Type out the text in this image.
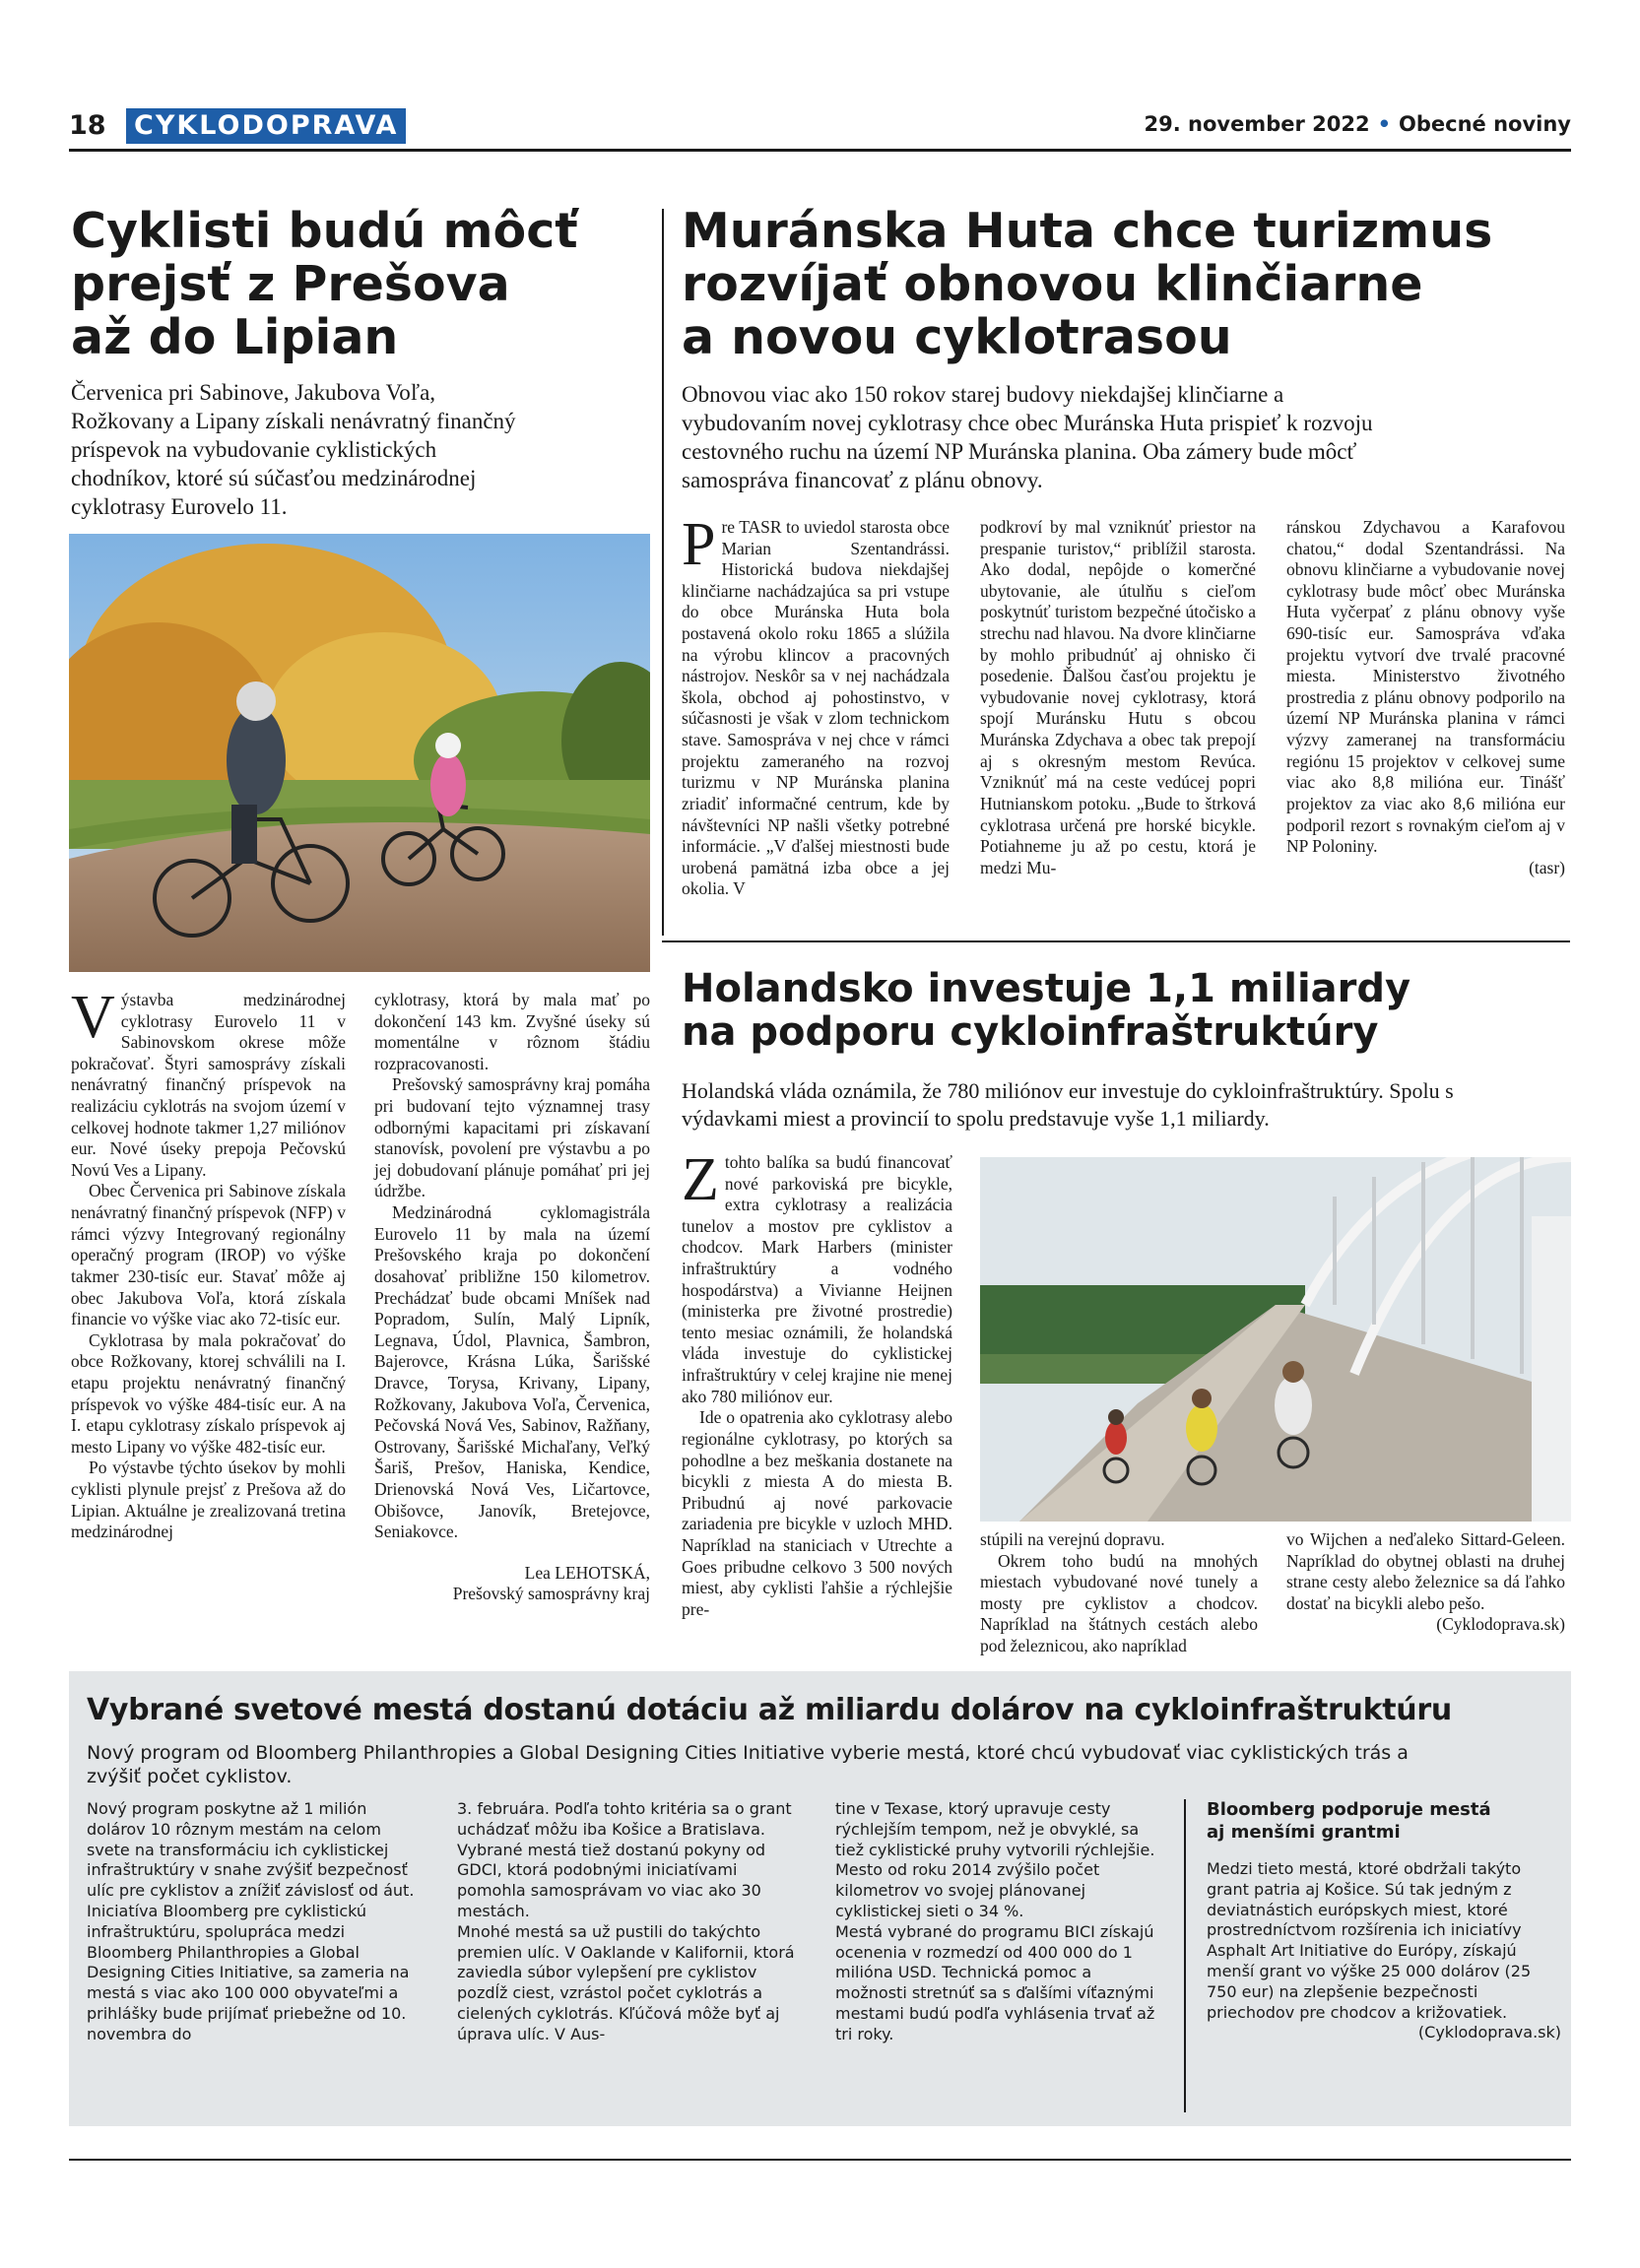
18 CYKLODOPRAVA	29. november 2022 • Obecné noviny
Cyklisti budú môcť
prejsť z Prešova
až do Lipian
Červenica pri Sabinove, Jakubova Voľa,
Rožkovany a Lipany získali nenávratný finančný
príspevok na vybudovanie cyklistických
chodníkov, ktoré sú súčasťou medzinárodnej
cyklotrasy Eurovelo 11.

Výstavba medzinárodnej cyklotrasy Eurovelo 11 v Sabinovskom okrese môže pokračovať. Štyri samosprávy získali nenávratný finančný príspevok na realizáciu cyklotrás na svojom území v celkovej hodnote takmer 1,27 miliónov eur. Nové úseky prepoja Pečovskú Novú Ves a Lipany.

Obec Červenica pri Sabinove získala nenávratný finančný príspevok (NFP) v rámci výzvy Integrovaný regionálny operačný program (IROP) vo výške takmer 230-tisíc eur. Stavať môže aj obec Jakubova Voľa, ktorá získala financie vo výške viac ako 72-tisíc eur.

Cyklotrasa by mala pokračovať do obce Rožkovany, ktorej schválili na I. etapu projektu nenávratný finančný príspevok vo výške 484-tisíc eur. A na I. etapu cyklotrasy získalo príspevok aj mesto Lipany vo výške 482-tisíc eur.

Po výstavbe týchto úsekov by mohli cyklisti plynule prejsť z Prešova až do Lipian. Aktuálne je zrealizovaná tretina medzinárodnej

cyklotrasy, ktorá by mala mať po dokončení 143 km. Zvyšné úseky sú momentálne v rôznom štádiu rozpracovanosti.

Prešovský samosprávny kraj pomáha pri budovaní tejto významnej trasy odbornými kapacitami pri získavaní stanovísk, povolení pre výstavbu a po jej dobudovaní plánuje pomáhať pri jej údržbe.

Medzinárodná cyklomagistrála Eurovelo 11 by mala na území Prešovského kraja po dokončení dosahovať približne 150 kilometrov. Prechádzať bude obcami Mníšek nad Popradom, Sulín, Malý Lipník, Legnava, Údol, Plavnica, Šambron, Bajerovce, Krásna Lúka, Šarišské Dravce, Torysa, Krivany, Lipany, Rožkovany, Jakubova Voľa, Červenica, Pečovská Nová Ves, Sabinov, Ražňany, Ostrovany, Šarišské Michaľany, Veľký Šariš, Prešov, Haniska, Kendice, Drienovská Nová Ves, Ličartovce, Obišovce, Janovík, Bretejovce, Seniakovce.

Lea LEHOTSKÁ,

Prešovský samosprávny kraj

Muránska Huta chce turizmus
rozvíjať obnovou klinčiarne
a novou cyklotrasou
Obnovou viac ako 150 rokov starej budovy niekdajšej klinčiarne a
vybudovaním novej cyklotrasy chce obec Muránska Huta prispieť k rozvoju
cestovného ruchu na území NP Muránska planina. Oba zámery bude môcť
samospráva financovať z plánu obnovy.

Pre TASR to uviedol starosta obce Marian Szentandrássi. Historická budova niekdajšej klinčiarne nachádzajúca sa pri vstupe do obce Muránska Huta bola postavená okolo roku 1865 a slúžila na výrobu klincov a pracovných nástrojov. Neskôr sa v nej nachádzala škola, obchod aj pohostinstvo, v súčasnosti je však v zlom technickom stave. Samospráva v nej chce v rámci projektu zameraného na rozvoj turizmu v NP Muránska planina zriadiť informačné centrum, kde by návštevníci NP našli všetky potrebné informácie. „V ďalšej miestnosti bude urobená pamätná izba obce a jej okolia. V

podkroví by mal vzniknúť priestor na prespanie turistov,“ priblížil starosta. Ako dodal, nepôjde o komerčné ubytovanie, ale útulňu s cieľom poskytnúť turistom bezpečné útočisko a strechu nad hlavou. Na dvore klinčiarne by mohlo pribudnúť aj ohnisko či posedenie. Ďalšou časťou projektu je vybudovanie novej cyklotrasy, ktorá spojí Muránsku Hutu s obcou Muránska Zdychava a obec tak prepojí aj s okresným mestom Revúca. Vzniknúť má na ceste vedúcej popri Hutnianskom potoku. „Bude to štrková cyklotrasa určená pre horské bicykle. Potiahneme ju až po cestu, ktorá je medzi Mu-

ránskou Zdychavou a Karafovou chatou,“ dodal Szentandrássi. Na obnovu klinčiarne a vybudovanie novej cyklotrasy bude môcť obec Muránska Huta vyčerpať z plánu obnovy vyše 690-tisíc eur. Samospráva vďaka projektu vytvorí dve trvalé pracovné miesta. Ministerstvo životného prostredia z plánu obnovy podporilo na území NP Muránska planina v rámci výzvy zameranej na transformáciu regiónu 15 projektov v celkovej sume viac ako 8,8 milióna eur. Tinášť projektov za viac ako 8,6 milióna eur podporil rezort s rovnakým cieľom aj v NP Poloniny.

(tasr)

Holandsko investuje 1,1 miliardy
na podporu cykloinfraštruktúry
Holandská vláda oznámila, že 780 miliónov eur investuje do cykloinfraštruktúry. Spolu s
výdavkami miest a provincií to spolu predstavuje vyše 1,1 miliardy.

Ztohto balíka sa budú financovať nové parkoviská pre bicykle, extra cyklotrasy a realizácia tunelov a mostov pre cyklistov a chodcov. Mark Harbers (minister infraštruktúry a vodného hospodárstva) a Vivianne Heijnen (ministerka pre životné prostredie) tento mesiac oznámili, že holandská vláda investuje do cyklistickej infraštruktúry v celej krajine nie menej ako 780 miliónov eur.

Ide o opatrenia ako cyklotrasy alebo regionálne cyklotrasy, po ktorých sa pohodlne a bez meškania dostanete na bicykli z miesta A do miesta B. Pribudnú aj nové parkovacie zariadenia pre bicykle v uzloch MHD. Napríklad na staniciach v Utrechte a Goes pribudne celkovo 3 500 nových miest, aby cyklisti ľahšie a rýchlejšie pre-

stúpili na verejnú dopravu.

Okrem toho budú na mnohých miestach vybudované nové tunely a mosty pre cyklistov a chodcov. Napríklad na štátnych cestách alebo pod železnicou, ako napríklad

vo Wijchen a neďaleko Sittard-Geleen. Napríklad do obytnej oblasti na druhej strane cesty alebo železnice sa dá ľahko dostať na bicykli alebo pešo.

(Cyklodoprava.sk)

Vybrané svetové mestá dostanú dotáciu až miliardu dolárov na cykloinfraštruktúru
Nový program od Bloomberg Philanthropies a Global Designing Cities Initiative vyberie mestá, ktoré chcú vybudovať viac cyklistických trás a
zvýšiť počet cyklistov.

Nový program poskytne až 1 milión dolárov 10 rôznym mestám na celom svete na transformáciu ich cyklistickej infraštruktúry v snahe zvýšiť bezpečnosť ulíc pre cyklistov a znížiť závislosť od áut.

Iniciatíva Bloomberg pre cyklistickú infraštruktúru, spolupráca medzi Bloomberg Philanthropies a Global Designing Cities Initiative, sa zameria na mestá s viac ako 100 000 obyvateľmi a prihlášky bude prijímať priebežne od 10. novembra do

3. februára. Podľa tohto kritéria sa o grant uchádzať môžu iba Košice a Bratislava.

Vybrané mestá tiež dostanú pokyny od GDCI, ktorá podobnými iniciatívami pomohla samosprávam vo viac ako 30 mestách.

Mnohé mestá sa už pustili do takýchto premien ulíc. V Oaklande v Kalifornii, ktorá zaviedla súbor vylepšení pre cyklistov pozdĺž ciest, vzrástol počet cyklotrás a cielených cyklotrás. Kľúčová môže byť aj úprava ulíc. V Aus-

tine v Texase, ktorý upravuje cesty rýchlejším tempom, než je obvyklé, sa tiež cyklistické pruhy vytvorili rýchlejšie. Mesto od roku 2014 zvýšilo počet kilometrov vo svojej plánovanej cyklistickej sieti o 34 %.

Mestá vybrané do programu BICI získajú ocenenia v rozmedzí od 400 000 do 1 milióna USD. Technická pomoc a možnosti stretnúť sa s ďalšími víťaznými mestami budú podľa vyhlásenia trvať až tri roky.

Bloomberg podporuje mestá
aj menšími grantmi

Medzi tieto mestá, ktoré obdržali takýto grant patria aj Košice. Sú tak jedným z deviatnástich európskych miest, ktoré prostredníctvom rozšírenia ich iniciatívy Asphalt Art Initiative do Európy, získajú menší grant vo výške 25 000 dolárov (25 750 eur) na zlepšenie bezpečnosti priechodov pre chodcov a križovatiek.

(Cyklodoprava.sk)
